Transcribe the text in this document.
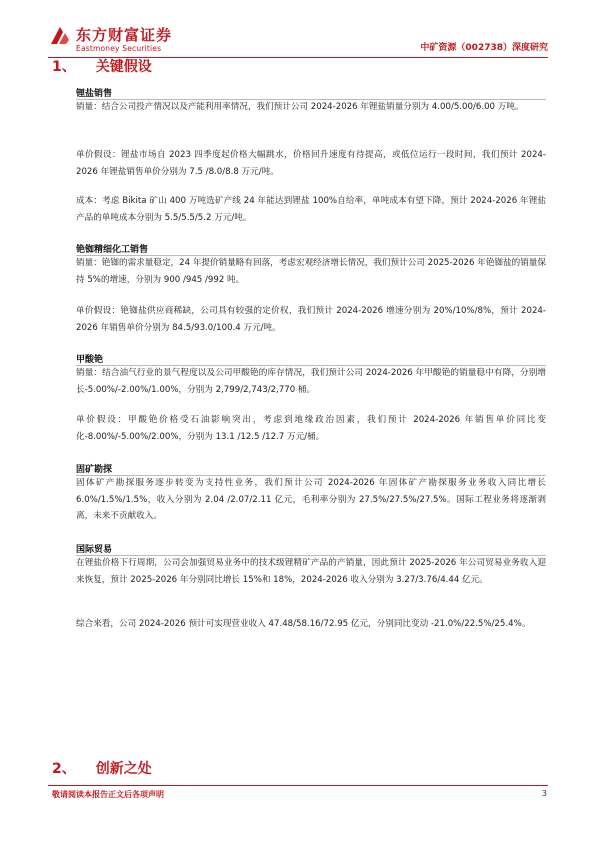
东方财富证券
Eastmoney Securities	中矿资源（002738）深度研究
1、 关键假设
锂盐销售

销量：结合公司投产情况以及产能利用率情况，我们预计公司 2024-2026 年锂盐销量分别为 4.00/5.00/6.00 万吨。

单价假设：锂盐市场自 2023 四季度起价格大幅跳水，价格回升速度有待提高，或低位运行一段时间，我们预计 2024-2026 年锂盐销售单价分别为 7.5 /8.0/8.8 万元/吨。

成本：考虑 Bikita 矿山 400 万吨选矿产线 24 年能达到锂盐 100%自给率，单吨成本有望下降，预计 2024-2026 年锂盐产品的单吨成本分别为 5.5/5.5/5.2 万元/吨。

铯铷精细化工销售

销量：铯铷的需求量稳定，24 年提价销量略有回落，考虑宏观经济增长情况，我们预计公司 2025-2026 年铯铷盐的销量保持 5%的增速，分别为 900 /945 /992 吨。

单价假设：铯铷盐供应商稀缺，公司具有较强的定价权，我们预计 2024-2026 增速分别为 20%/10%/8%，预计 2024-2026 年销售单价分别为 84.5/93.0/100.4 万元/吨。

甲酸铯

销量：结合油气行业的景气程度以及公司甲酸铯的库存情况，我们预计公司 2024-2026 年甲酸铯的销量稳中有降，分别增长-5.00%/-2.00%/1.00%，分别为 2,799/2,743/2,770 桶。

单价假设：甲酸铯价格受石油影响突出，考虑到地缘政治因素，我们预计 2024-2026 年销售单价同比变化-8.00%/-5.00%/2.00%，分别为 13.1 /12.5 /12.7 万元/桶。

固矿勘探

固体矿产勘探服务逐步转变为支持性业务，我们预计公司 2024-2026 年固体矿产勘探服务业务收入同比增长 6.0%/1.5%/1.5%，收入分别为 2.04 /2.07/2.11 亿元，毛利率分别为 27.5%/27.5%/27.5%。国际工程业务将逐渐剥离，未来不贡献收入。

国际贸易

在锂盐价格下行周期，公司会加强贸易业务中的技术级锂精矿产品的产销量，因此预计 2025-2026 年公司贸易业务收入迎来恢复，预计 2025-2026 年分别同比增长 15%和 18%，2024-2026 收入分别为 3.27/3.76/4.44 亿元。

综合来看，公司 2024-2026 预计可实现营业收入 47.48/58.16/72.95 亿元，分别同比变动 -21.0%/22.5%/25.4%。

2、 创新之处
敬请阅读本报告正文后各项声明	3
